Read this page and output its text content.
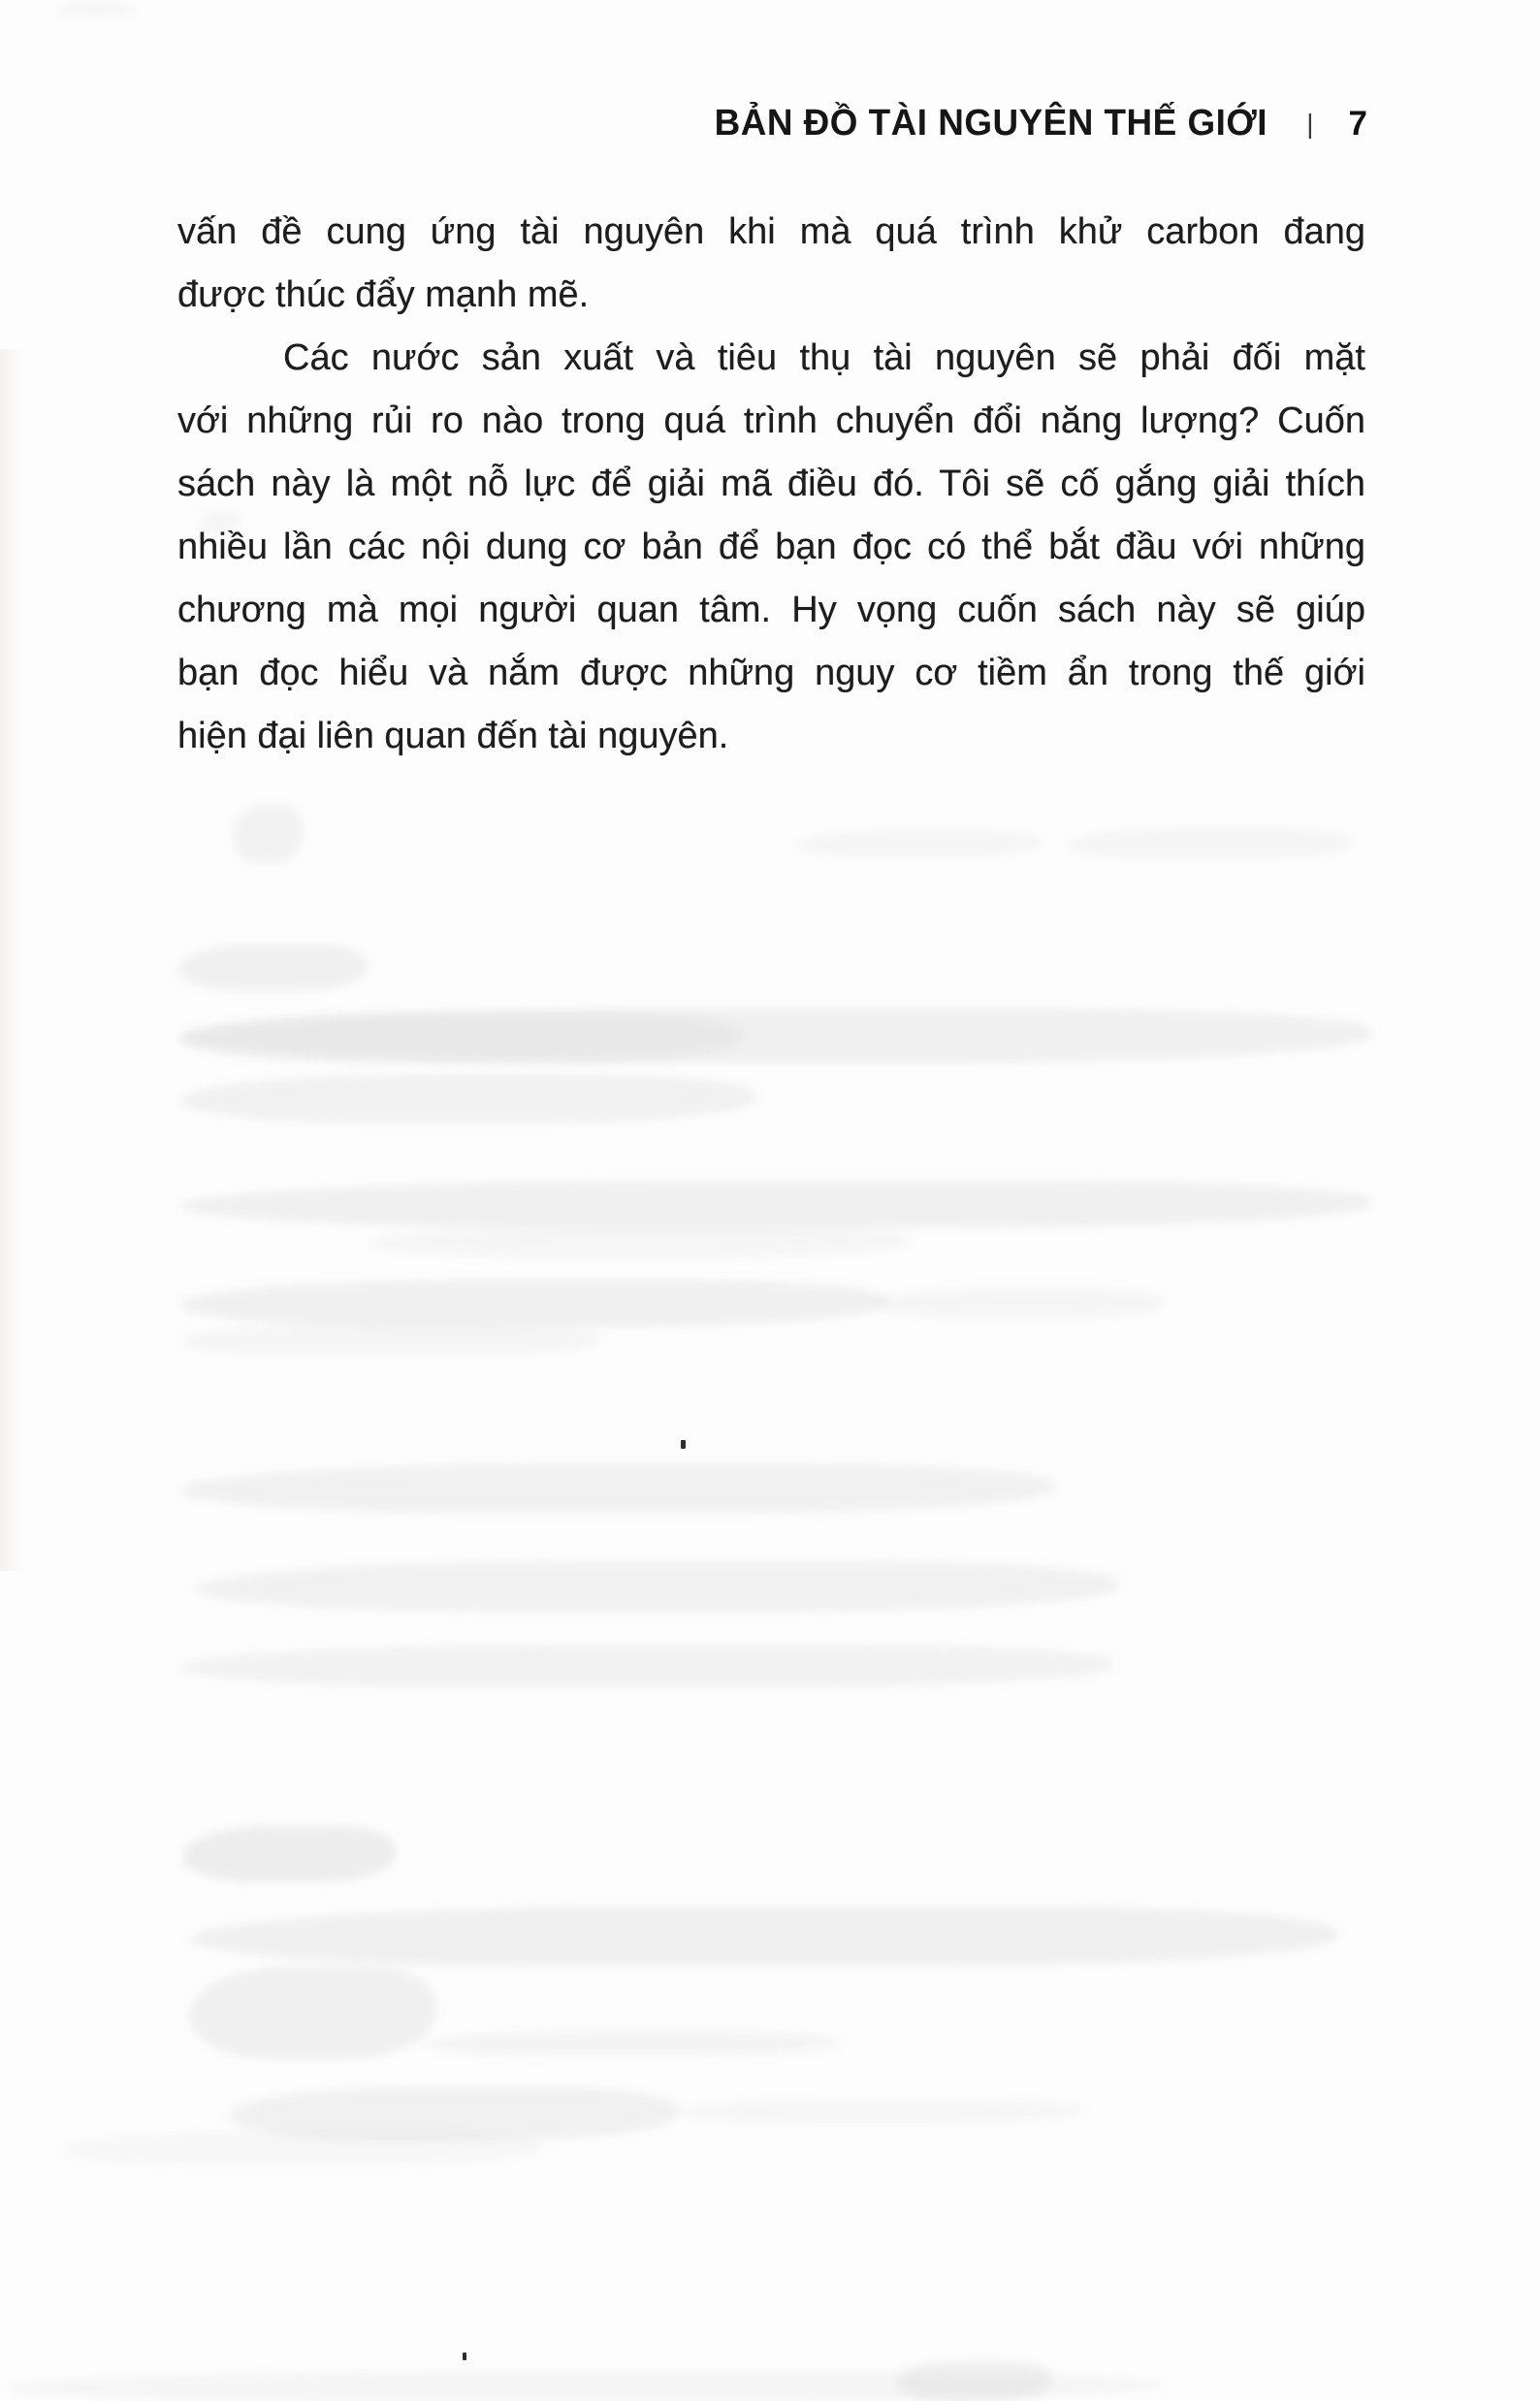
BẢN ĐỒ TÀI NGUYÊN THẾ GIỚI | 7
vấn đề cung ứng tài nguyên khi mà quá trình khử carbon đang
được thúc đẩy mạnh mẽ.
Các nước sản xuất và tiêu thụ tài nguyên sẽ phải đối mặt
với những rủi ro nào trong quá trình chuyển đổi năng lượng? Cuốn
sách này là một nỗ lực để giải mã điều đó. Tôi sẽ cố gắng giải thích
nhiều lần các nội dung cơ bản để bạn đọc có thể bắt đầu với những
chương mà mọi người quan tâm. Hy vọng cuốn sách này sẽ giúp
bạn đọc hiểu và nắm được những nguy cơ tiềm ẩn trong thế giới
hiện đại liên quan đến tài nguyên.
